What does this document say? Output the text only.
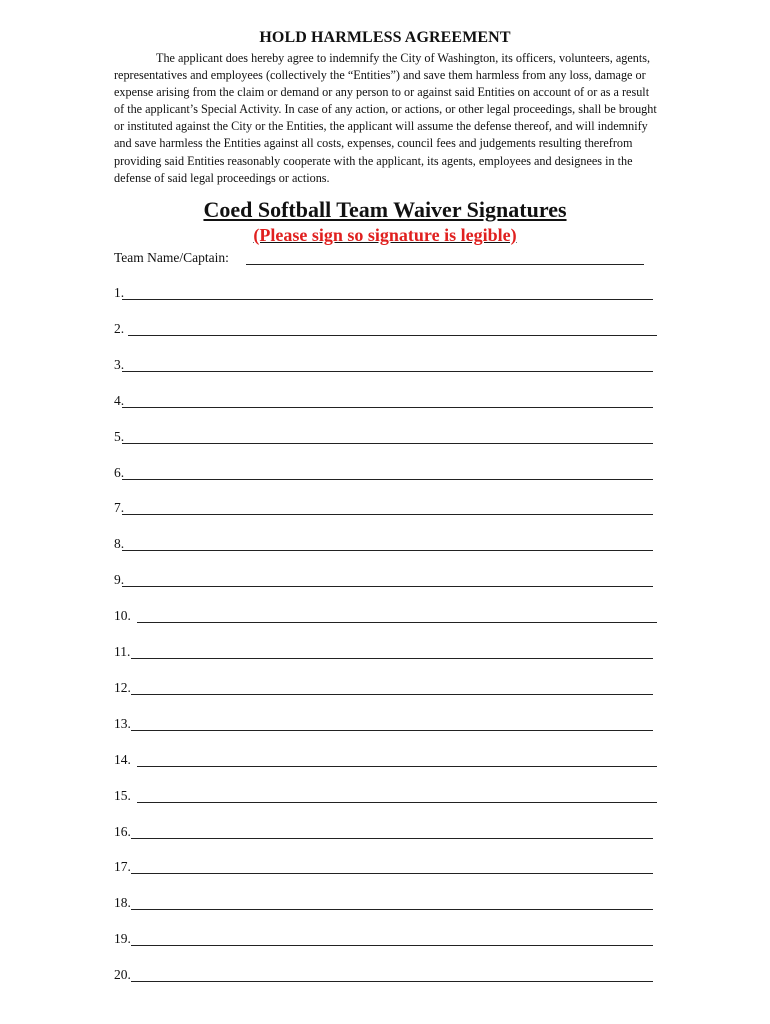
HOLD HARMLESS AGREEMENT
The applicant does hereby agree to indemnify the City of Washington, its officers, volunteers, agents, representatives and employees (collectively the “Entities”) and save them harmless from any loss, damage or expense arising from the claim or demand or any person to or against said Entities on account of or as a result of the applicant’s Special Activity. In case of any action, or actions, or other legal proceedings, shall be brought or instituted against the City or the Entities, the applicant will assume the defense thereof, and will indemnify and save harmless the Entities against all costs, expenses, council fees and judgements resulting therefrom providing said Entities reasonably cooperate with the applicant, its agents, employees and designees in the defense of said legal proceedings or actions.
Coed Softball Team Waiver Signatures
(Please sign so signature is legible)
Team Name/Captain:
1.
2.
3.
4.
5.
6.
7.
8.
9.
10.
11.
12.
13.
14.
15.
16.
17.
18.
19.
20.
